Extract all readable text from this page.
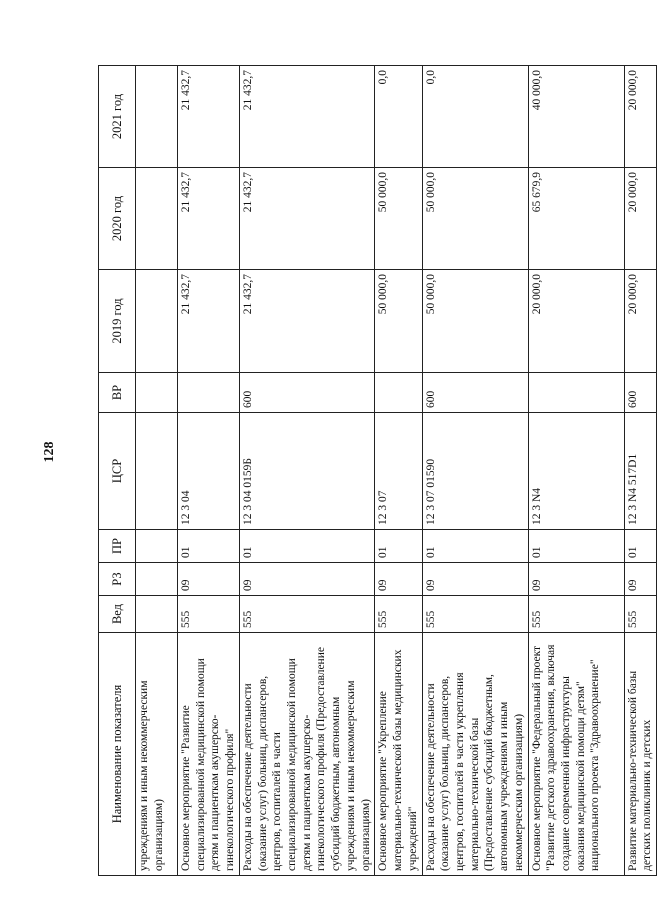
128
Наименование показателя	Вед	РЗ	ПР	ЦСР	ВР	2019 год	2020 год	2021 год
учреждениям и иным некоммерческим организациям)								
Основное мероприятие "Развитие специализированной медицинской помощи детям и пациенткам акушерско-гинекологического профиля"	555	09	01	12 3 04		21 432,7	21 432,7	21 432,7
Расходы на обеспечение деятельности (оказание услуг) больниц, диспансеров, центров, госпиталей в части специализированной медицинской помощи детям и пациенткам акушерско-гинекологического профиля (Предоставление субсидий бюджетным, автономным учреждениям и иным некоммерческим организациям)	555	09	01	12 3 04 0159Б	600	21 432,7	21 432,7	21 432,7
Основное мероприятие "Укрепление материально-технической базы медицинских учреждений"	555	09	01	12 3 07		50 000,0	50 000,0	0,0
Расходы на обеспечение деятельности (оказание услуг) больниц, диспансеров, центров, госпиталей в части укрепления материально-технической базы (Предоставление субсидий бюджетным, автономным учреждениям и иным некоммерческим организациям)	555	09	01	12 3 07 01590	600	50 000,0	50 000,0	0,0
Основное мероприятие "Федеральный проект "Развитие детского здравоохранения, включая создание современной инфраструктуры оказания медицинской помощи детям" национального проекта "Здравоохранение"	555	09	01	12 3 N4		20 000,0	65 679,9	40 000,0
Развитие материально-технической базы детских поликлиник и детских	555	09	01	12 3 N4 517D1	600	20 000,0	20 000,0	20 000,0
